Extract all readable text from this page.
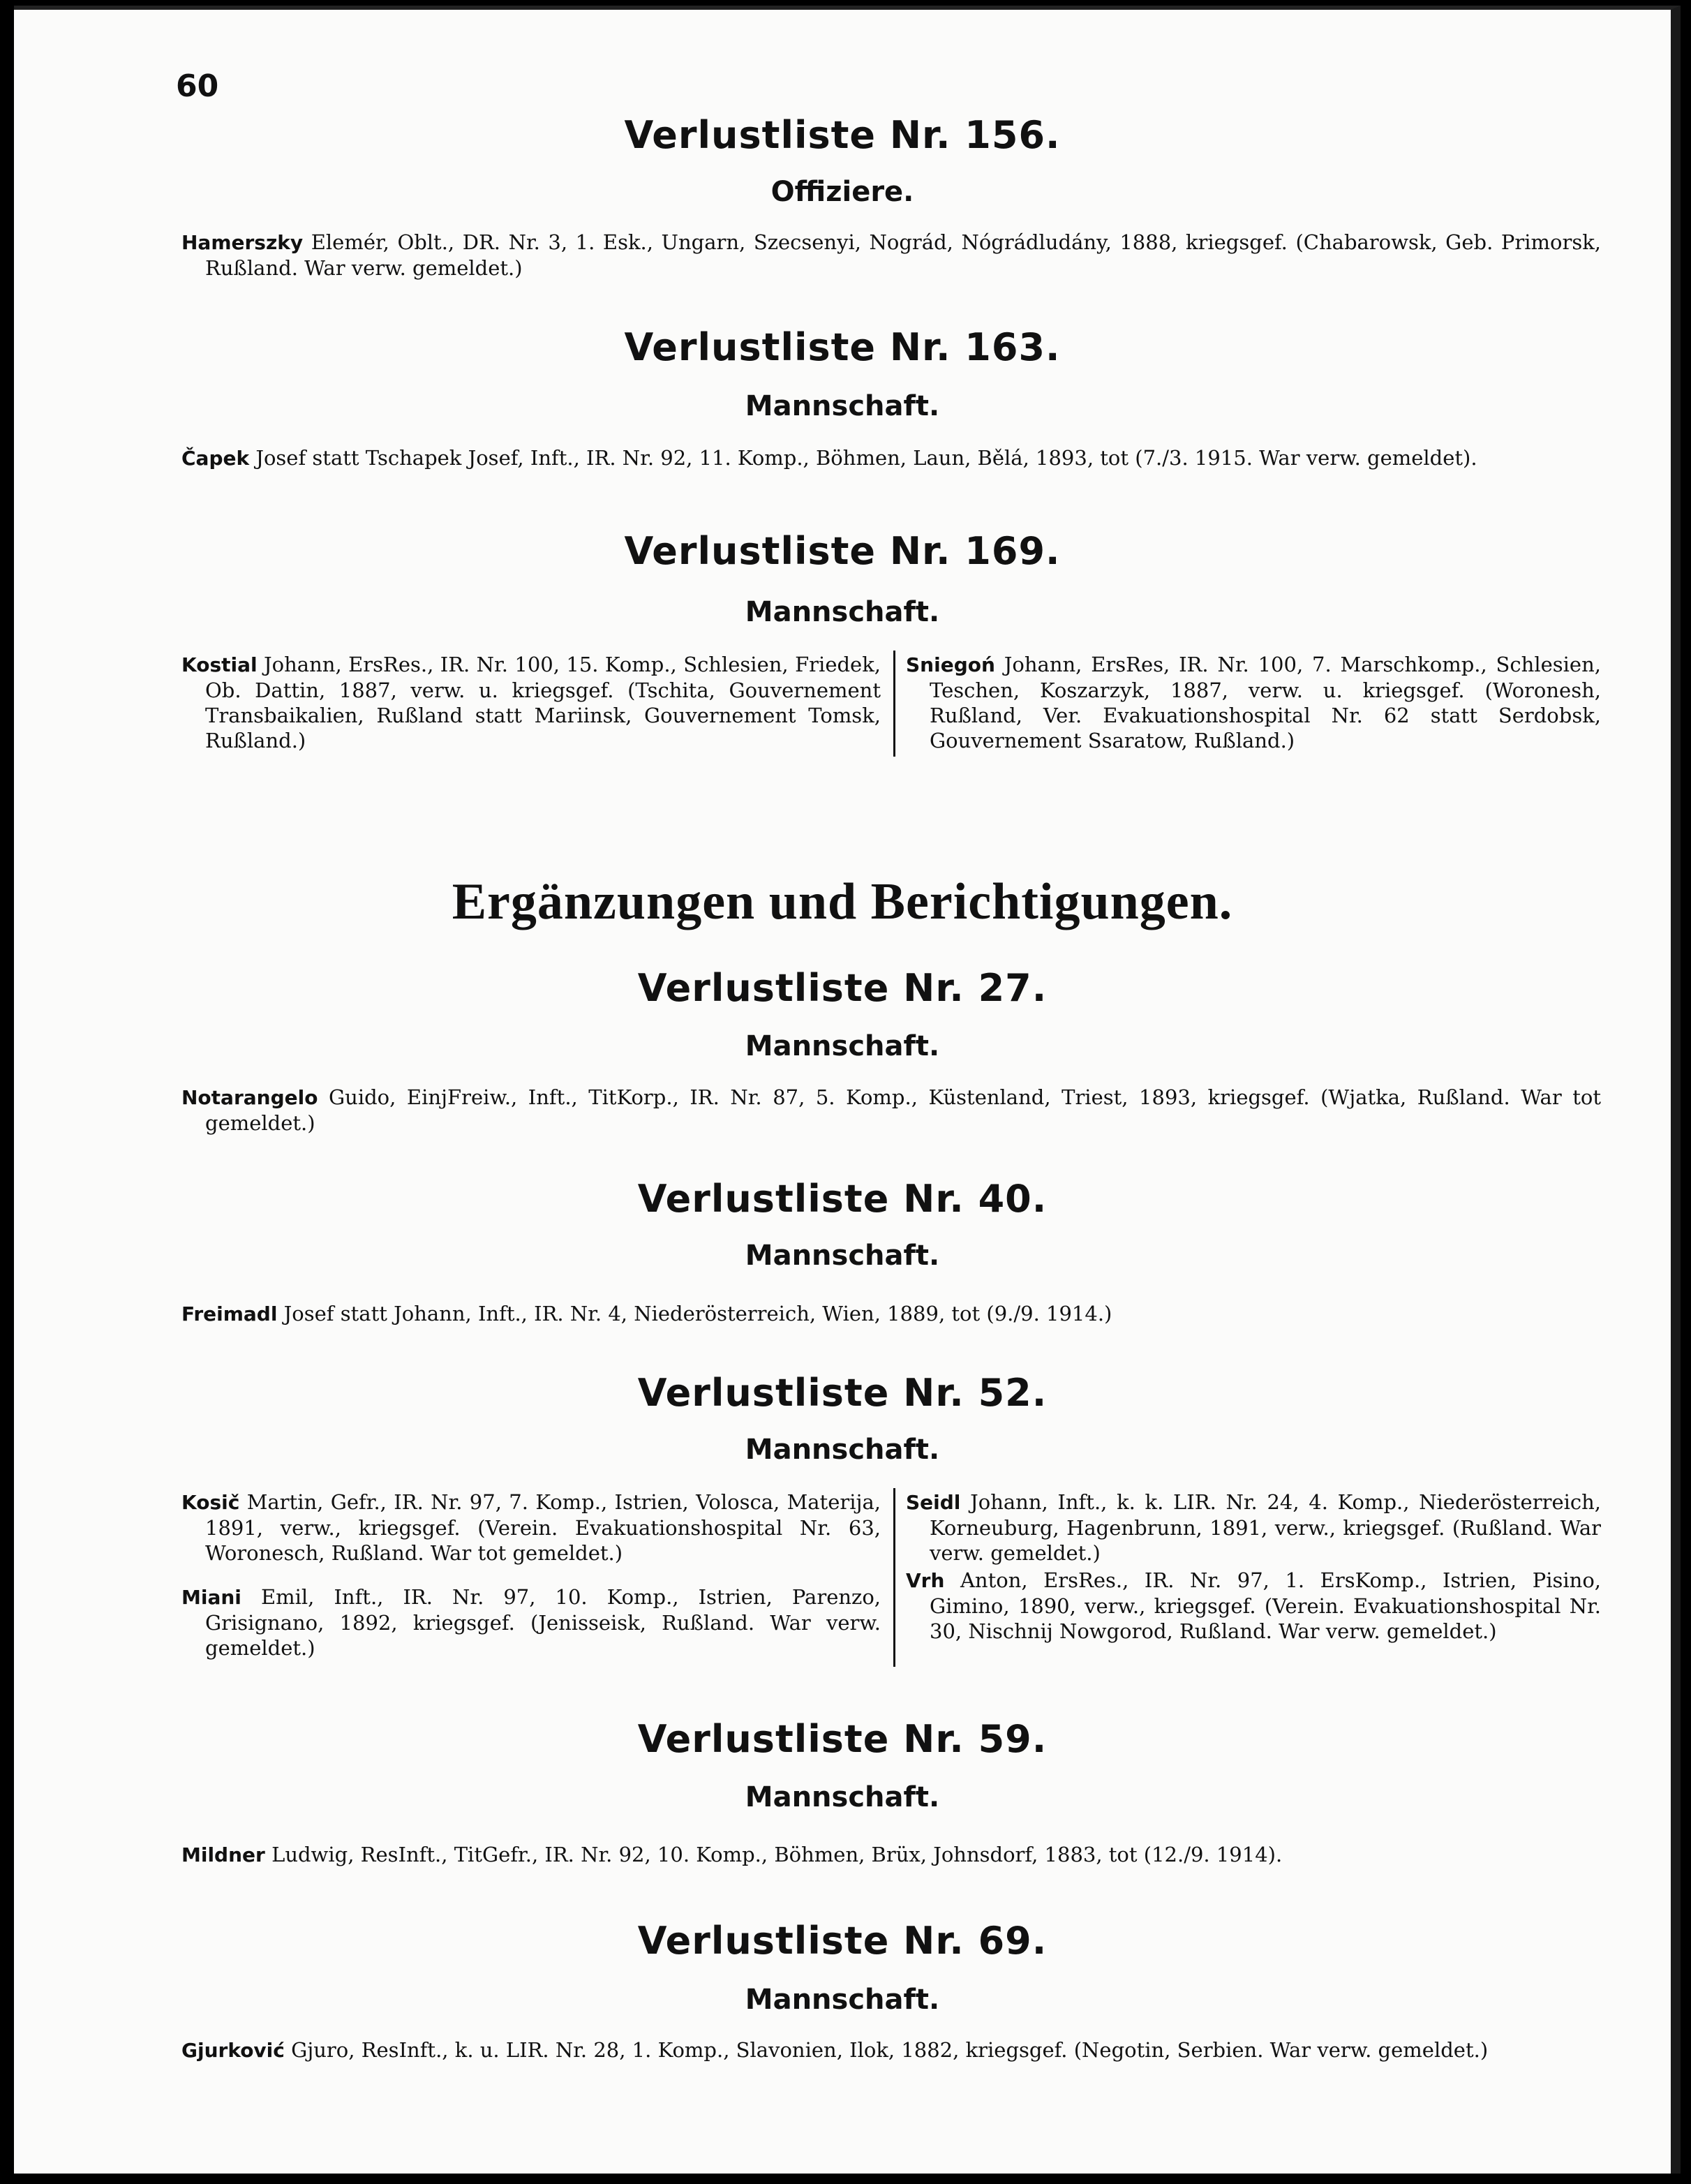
60
Verlustliste Nr. 156.
Offiziere.
Hamerszky Elemér, Oblt., DR. Nr. 3, 1. Esk., Ungarn, Szecsenyi, Nográd, Nógrádludány, 1888, kriegsgef. (Chabarowsk, Geb. Primorsk, Rußland. War verw. gemeldet.)
Verlustliste Nr. 163.
Mannschaft.
Čapek Josef statt Tschapek Josef, Inft., IR. Nr. 92, 11. Komp., Böhmen, Laun, Bělá, 1893, tot (7./3. 1915. War verw. gemeldet).
Verlustliste Nr. 169.
Mannschaft.
Kostial Johann, ErsRes., IR. Nr. 100, 15. Komp., Schlesien, Friedek, Ob. Dattin, 1887, verw. u. kriegsgef. (Tschita, Gouvernement Transbaikalien, Rußland statt Mariinsk, Gouvernement Tomsk, Rußland.)
Sniegoń Johann, ErsRes, IR. Nr. 100, 7. Marschkomp., Schlesien, Teschen, Koszarzyk, 1887, verw. u. kriegsgef. (Woronesh, Rußland, Ver. Evakuationshospital Nr. 62 statt Serdobsk, Gouvernement Ssaratow, Rußland.)
Ergänzungen und Berichtigungen.
Verlustliste Nr. 27.
Mannschaft.
Notarangelo Guido, EinjFreiw., Inft., TitKorp., IR. Nr. 87, 5. Komp., Küstenland, Triest, 1893, kriegsgef. (Wjatka, Rußland. War tot gemeldet.)
Verlustliste Nr. 40.
Mannschaft.
Freimadl Josef statt Johann, Inft., IR. Nr. 4, Niederösterreich, Wien, 1889, tot (9./9. 1914.)
Verlustliste Nr. 52.
Mannschaft.
Kosič Martin, Gefr., IR. Nr. 97, 7. Komp., Istrien, Volosca, Materija, 1891, verw., kriegsgef. (Verein. Evakuationshospital Nr. 63, Woronesch, Rußland. War tot gemeldet.)
Miani Emil, Inft., IR. Nr. 97, 10. Komp., Istrien, Parenzo, Grisignano, 1892, kriegsgef. (Jenisseisk, Rußland. War verw. gemeldet.)
Seidl Johann, Inft., k. k. LIR. Nr. 24, 4. Komp., Niederösterreich, Korneuburg, Hagenbrunn, 1891, verw., kriegsgef. (Rußland. War verw. gemeldet.)
Vrh Anton, ErsRes., IR. Nr. 97, 1. ErsKomp., Istrien, Pisino, Gimino, 1890, verw., kriegsgef. (Verein. Evakuationshospital Nr. 30, Nischnij Nowgorod, Rußland. War verw. gemeldet.)
Verlustliste Nr. 59.
Mannschaft.
Mildner Ludwig, ResInft., TitGefr., IR. Nr. 92, 10. Komp., Böhmen, Brüx, Johnsdorf, 1883, tot (12./9. 1914).
Verlustliste Nr. 69.
Mannschaft.
Gjurković Gjuro, ResInft., k. u. LIR. Nr. 28, 1. Komp., Slavonien, Ilok, 1882, kriegsgef. (Negotin, Serbien. War verw. gemeldet.)
